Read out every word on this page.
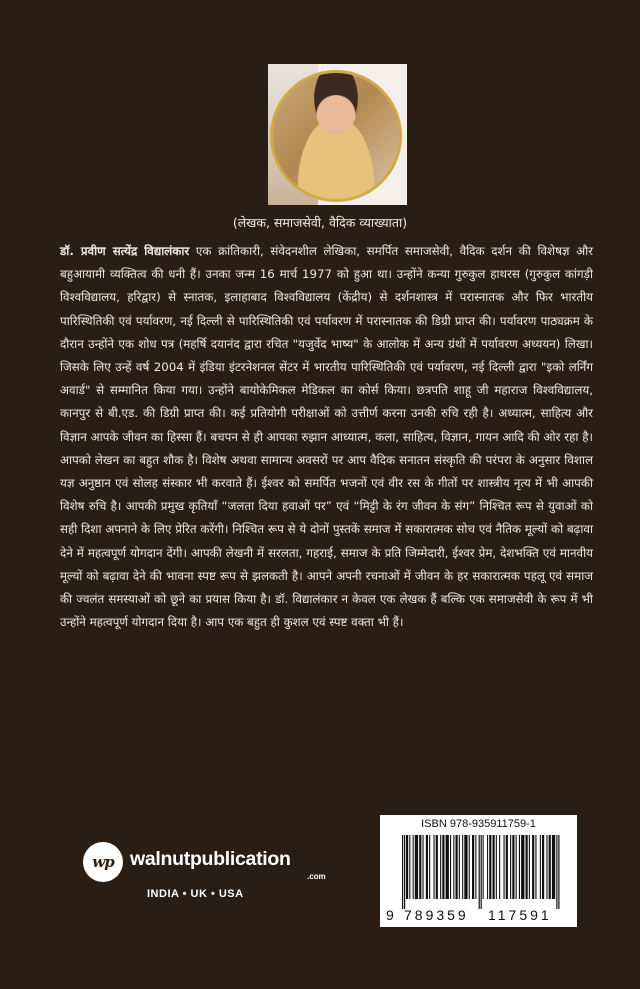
(लेखक, समाजसेवी, वैदिक व्याख्याता)
डॉ. प्रवीण सत्येंद्र विद्यालंकार एक क्रांतिकारी, संवेदनशील लेखिका, समर्पित समाजसेवी, वैदिक दर्शन की विशेषज्ञ और बहुआयामी व्यक्तित्व की धनी हैं। उनका जन्म 16 मार्च 1977 को हुआ था। उन्होंने कन्या गुरुकुल हाथरस (गुरुकुल कांगड़ी विश्वविद्यालय, हरिद्वार) से स्नातक, इलाहाबाद विश्वविद्यालय (केंद्रीय) से दर्शनशास्त्र में परास्नातक और फिर भारतीय पारिस्थितिकी एवं पर्यावरण, नई दिल्ली से पारिस्थितिकी एवं पर्यावरण में परास्नातक की डिग्री प्राप्त की। पर्यावरण पाठ्यक्रम के दौरान उन्होंने एक शोध पत्र (महर्षि दयानंद द्वारा रचित "यजुर्वेद भाष्य" के आलोक में अन्य ग्रंथों में पर्यावरण अध्ययन) लिखा। जिसके लिए उन्हें वर्ष 2004 में इंडिया इंटरनेशनल सेंटर में भारतीय पारिस्थितिकी एवं पर्यावरण, नई दिल्ली द्वारा "इको लर्निंग अवार्ड" से सम्मानित किया गया। उन्होंने बायोकेमिकल मेडिकल का कोर्स किया। छत्रपति शाहू जी महाराज विश्वविद्यालय, कानपुर से बी.एड. की डिग्री प्राप्त की। कई प्रतियोगी परीक्षाओं को उत्तीर्ण करना उनकी रुचि रही है। अध्यात्म, साहित्य और विज्ञान आपके जीवन का हिस्सा हैं। बचपन से ही आपका रुझान आध्यात्म, कला, साहित्य, विज्ञान, गायन आदि की ओर रहा है। आपको लेखन का बहुत शौक है। विशेष अथवा सामान्य अवसरों पर आप वैदिक सनातन संस्कृति की परंपरा के अनुसार विशाल यज्ञ अनुष्ठान एवं सोलह संस्कार भी करवाते हैं। ईश्वर को समर्पित भजनों एवं वीर रस के गीतों पर शास्त्रीय नृत्य में भी आपकी विशेष रुचि है। आपकी प्रमुख कृतियाँ “जलता दिया हवाओं पर” एवं “मिट्टी के रंग जीवन के संग” निश्चित रूप से युवाओं को सही दिशा अपनाने के लिए प्रेरित करेंगी। निश्चित रूप से ये दोनों पुस्तकें समाज में सकारात्मक सोच एवं नैतिक मूल्यों को बढ़ावा देने में महत्वपूर्ण योगदान देंगी। आपकी लेखनी में सरलता, गहराई, समाज के प्रति जिम्मेदारी, ईश्वर प्रेम, देशभक्ति एवं मानवीय मूल्यों को बढ़ावा देने की भावना स्पष्ट रूप से झलकती है। आपने अपनी रचनाओं में जीवन के हर सकारात्मक पहलू एवं समाज की ज्वलंत समस्याओं को छूने का प्रयास किया है। डॉ. विद्यालंकार न केवल एक लेखक हैं बल्कि एक समाजसेवी के रूप में भी उन्होंने महत्वपूर्ण योगदान दिया है। आप एक बहुत ही कुशल एवं स्पष्ट वक्ता भी हैं।
wp walnutpublication
.com
INDIA • UK • USA
ISBN 978-935911759-1
9 789359 117591
